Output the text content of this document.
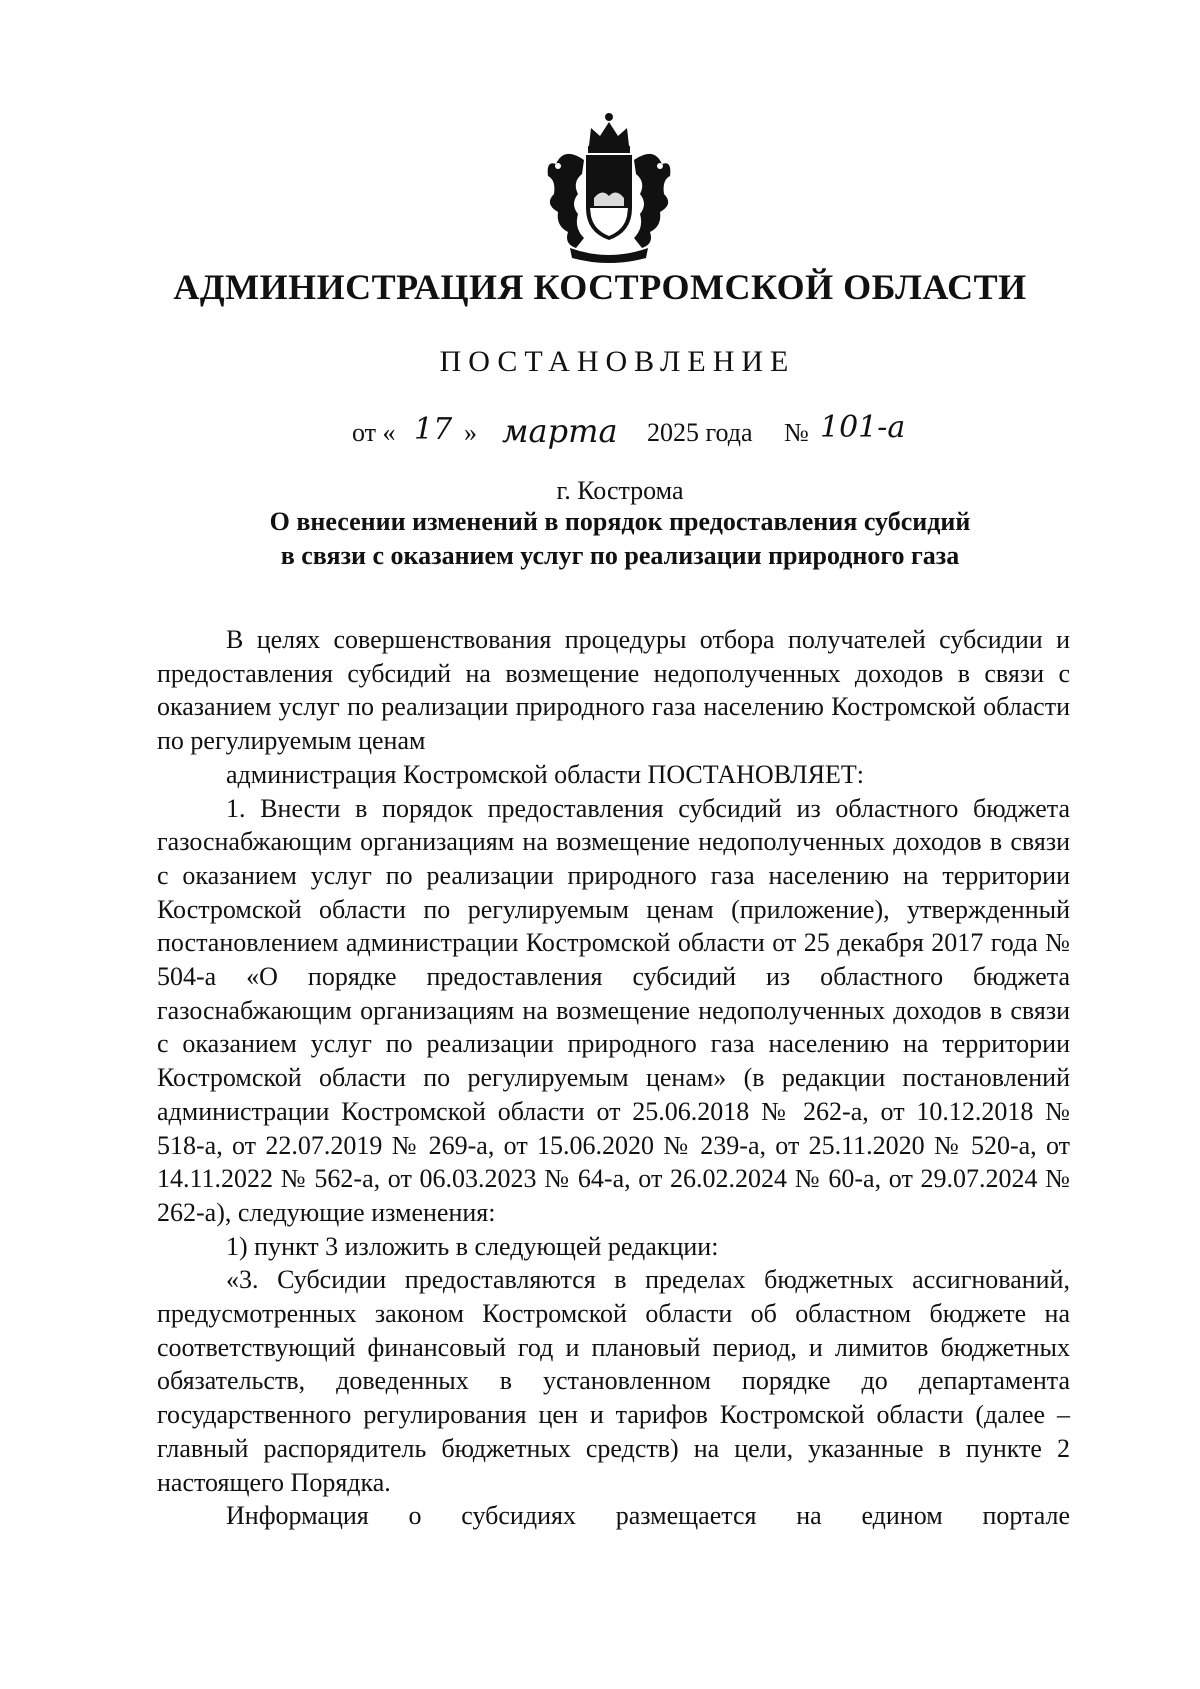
АДМИНИСТРАЦИЯ КОСТРОМСКОЙ ОБЛАСТИ
ПОСТАНОВЛЕНИЕ
от « 17 » марта 2025 года № 101-а
г. Кострома
О внесении изменений в порядок предоставления субсидий
в связи с оказанием услуг по реализации природного газа

В целях совершенствования процедуры отбора получателей субсидии и предоставления субсидий на возмещение недополученных доходов в связи с оказанием услуг по реализации природного газа населению Костромской области по регулируемым ценам

администрация Костромской области ПОСТАНОВЛЯЕТ:

1. Внести в порядок предоставления субсидий из областного бюджета газоснабжающим организациям на возмещение недополученных доходов в связи с оказанием услуг по реализации природного газа населению на территории Костромской области по регулируемым ценам (приложение), утвержденный постановлением администрации Костромской области от 25 декабря 2017 года № 504-а «О порядке предоставления субсидий из областного бюджета газоснабжающим организациям на возмещение недополученных доходов в связи с оказанием услуг по реализации природного газа населению на территории Костромской области по регулируемым ценам» (в редакции постановлений администрации Костромской области от 25.06.2018 № 262-а, от 10.12.2018 № 518-а, от 22.07.2019 № 269-а, от 15.06.2020 № 239-а, от 25.11.2020 № 520-а, от 14.11.2022 № 562-а, от 06.03.2023 № 64-а, от 26.02.2024 № 60-а, от 29.07.2024 № 262-а), следующие изменения:

1) пункт 3 изложить в следующей редакции:

«3. Субсидии предоставляются в пределах бюджетных ассигнований, предусмотренных законом Костромской области об областном бюджете на соответствующий финансовый год и плановый период, и лимитов бюджетных обязательств, доведенных в установленном порядке до департамента государственного регулирования цен и тарифов Костромской области (далее – главный распорядитель бюджетных средств) на цели, указанные в пункте 2 настоящего Порядка.

Информация о субсидиях размещается на едином портале
